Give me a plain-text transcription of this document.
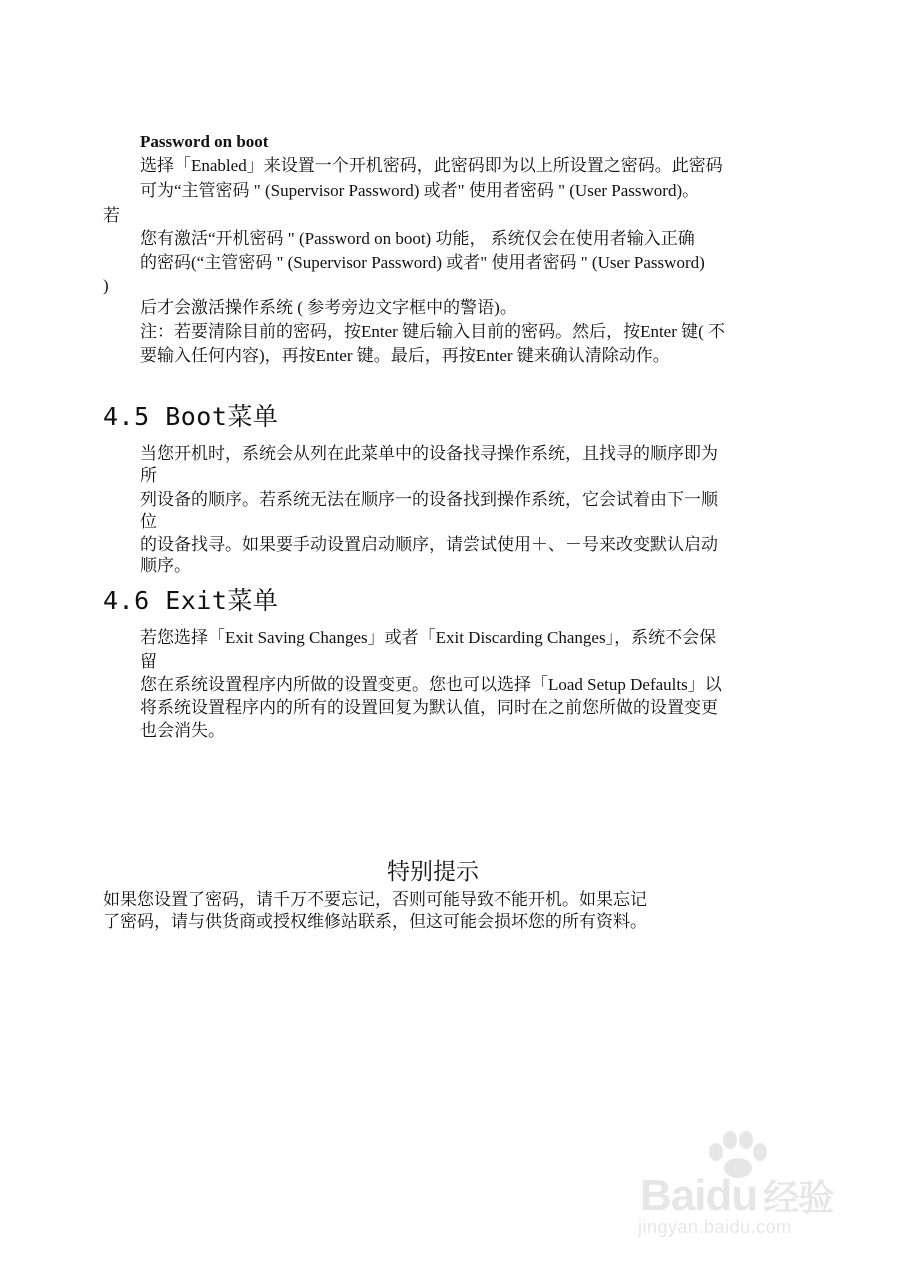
Password on boot
选择「Enabled」来设置一个开机密码，此密码即为以上所设置之密码。此密码
可为“主管密码 " (Supervisor Password) 或者" 使用者密码 " (User Password)。
若
您有激活“开机密码 " (Password on boot) 功能， 系统仅会在使用者输入正确
的密码(“主管密码 " (Supervisor Password) 或者" 使用者密码 " (User Password)
)
后才会激活操作系统 ( 参考旁边文字框中的警语)。
注：若要清除目前的密码，按Enter 键后输入目前的密码。然后，按Enter 键( 不
要输入任何内容)，再按Enter 键。最后，再按Enter 键来确认清除动作。
4.5 Boot菜单
当您开机时，系统会从列在此菜单中的设备找寻操作系统，且找寻的顺序即为
所
列设备的顺序。若系统无法在顺序一的设备找到操作系统，它会试着由下一顺
位
的设备找寻。如果要手动设置启动顺序，请尝试使用＋、－号来改变默认启动
顺序。
4.6 Exit菜单
若您选择「Exit Saving Changes」或者「Exit Discarding Changes」，系统不会保
留
您在系统设置程序内所做的设置变更。您也可以选择「Load Setup Defaults」以
将系统设置程序内的所有的设置回复为默认值，同时在之前您所做的设置变更
也会消失。
特别提示
如果您设置了密码，请千万不要忘记，否则可能导致不能开机。如果忘记
了密码，请与供货商或授权维修站联系，但这可能会损坏您的所有资料。
Baidu 经验
jingyan.baidu.com
